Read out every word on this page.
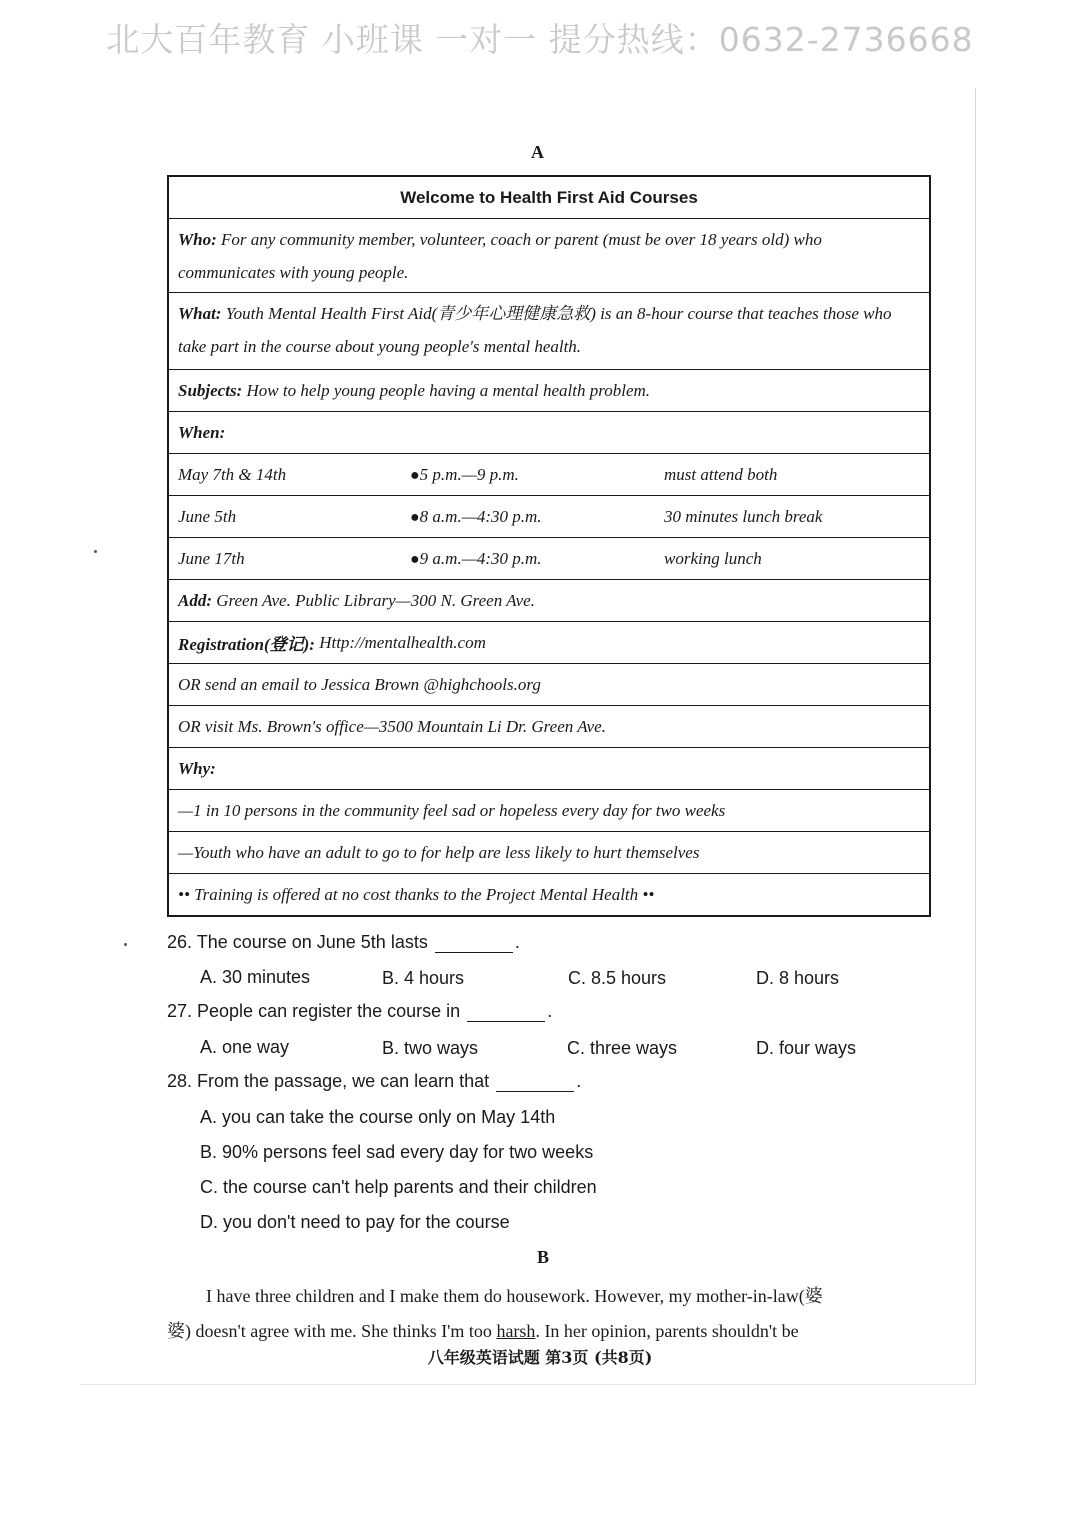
北大百年教育 小班课 一对一 提分热线：0632-2736668
A
Welcome to Health First Aid Courses
Who: For any community member, volunteer, coach or parent (must be over 18 years old) who communicates with young people.
What: Youth Mental Health First Aid(青少年心理健康急救) is an 8-hour course that teaches those who take part in the course about young people's mental health.
Subjects:
How to help young people having a mental health problem.
When:
May 7th & 14th	●5 p.m.—9 p.m.	must attend both
June 5th	●8 a.m.—4:30 p.m.	30 minutes lunch break
June 17th	●9 a.m.—4:30 p.m.	working lunch
Add:
Green Ave. Public Library—300 N. Green Ave.
Registration(登记):
Http://mentalhealth.com
OR send an email to Jessica Brown @highchools.org
OR visit Ms. Brown's office—3500 Mountain Li Dr. Green Ave.
Why:
—1 in 10 persons in the community feel sad or hopeless every day for two weeks
—Youth who have an adult to go to for help are less likely to hurt themselves
•• Training is offered at no cost thanks to the Project Mental Health ••
26. The course on June 5th lasts	.
A. 30 minutes	B. 4 hours	C. 8.5 hours	D. 8 hours
27. People can register the course in	.
A. one way	B. two ways	C. three ways	D. four ways
28. From the passage, we can learn that	.
A. you can take the course only on May 14th
B. 90% persons feel sad every day for two weeks
C. the course can't help parents and their children
D. you don't need to pay for the course
B
I have three children and I make them do housework. However, my mother-in-law(婆
婆) doesn't agree with me. She thinks I'm too harsh. In her opinion, parents shouldn't be
八年级英语试题 第3页 (共8页)
